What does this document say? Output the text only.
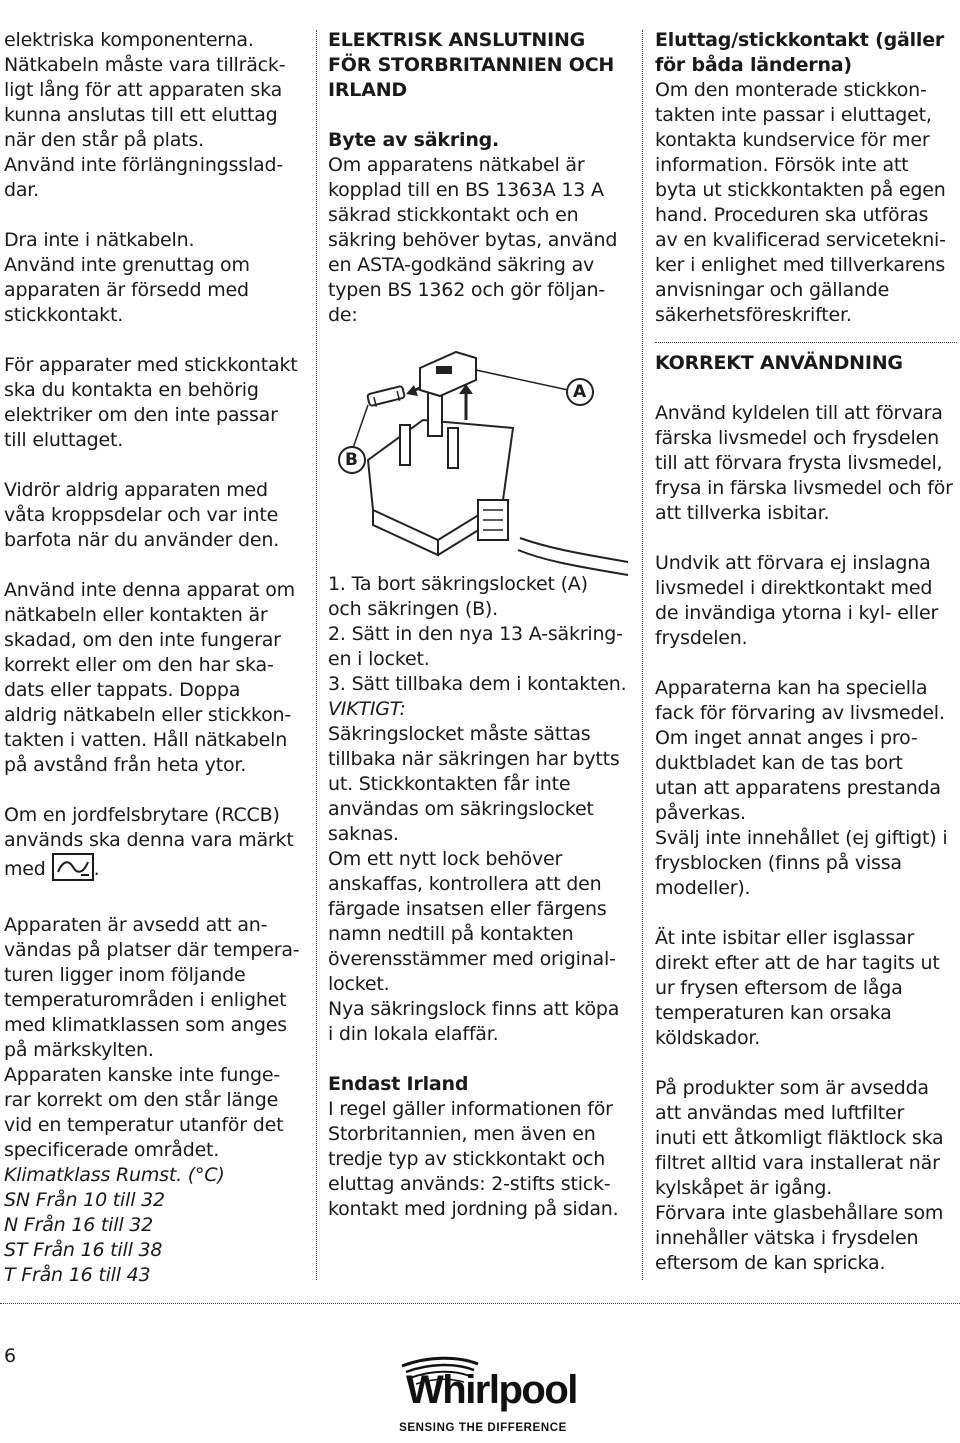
elektriska komponenterna.
Nätkabeln måste vara tillräck-
ligt lång för att apparaten ska
kunna anslutas till ett eluttag
när den står på plats.
Använd inte förlängningsslad-
dar.

Dra inte i nätkabeln.
Använd inte grenuttag om
apparaten är försedd med
stickkontakt.

För apparater med stickkontakt
ska du kontakta en behörig
elektriker om den inte passar
till eluttaget.

Vidrör aldrig apparaten med
våta kroppsdelar och var inte
barfota när du använder den.

Använd inte denna apparat om
nätkabeln eller kontakten är
skadad, om den inte fungerar
korrekt eller om den har ska-
dats eller tappats. Doppa
aldrig nätkabeln eller stickkon-
takten i vatten. Håll nätkabeln
på avstånd från heta ytor.

Om en jordfelsbrytare (RCCB)
används ska denna vara märkt
med	.

Apparaten är avsedd att an-
vändas på platser där tempera-
turen ligger inom följande
temperaturområden i enlighet
med klimatklassen som anges
på märkskylten.
Apparaten kanske inte funge-
rar korrekt om den står länge
vid en temperatur utanför det
specificerade området.
Klimatklass Rumst. (°C)
SN Från 10 till 32
N Från 16 till 32
ST Från 16 till 38
T Från 16 till 43

ELEKTRISK ANSLUTNING
FÖR STORBRITANNIEN OCH
IRLAND

Byte av säkring.
Om apparatens nätkabel är
kopplad till en BS 1363A 13 A
säkrad stickkontakt och en
säkring behöver bytas, använd
en ASTA-godkänd säkring av
typen BS 1362 och gör följan-
de:

A
B

1. Ta bort säkringslocket (A)
och säkringen (B).
2. Sätt in den nya 13 A-säkring-
en i locket.
3. Sätt tillbaka dem i kontakten.
VIKTIGT:
Säkringslocket måste sättas
tillbaka när säkringen har bytts
ut. Stickkontakten får inte
användas om säkringslocket
saknas.
Om ett nytt lock behöver
anskaffas, kontrollera att den
färgade insatsen eller färgens
namn nedtill på kontakten
överensstämmer med original-
locket.
Nya säkringslock finns att köpa
i din lokala elaffär.

Endast Irland
I regel gäller informationen för
Storbritannien, men även en
tredje typ av stickkontakt och
eluttag används: 2-stifts stick-
kontakt med jordning på sidan.

Eluttag/stickkontakt (gäller
för båda länderna)
Om den monterade stickkon-
takten inte passar i eluttaget,
kontakta kundservice för mer
information. Försök inte att
byta ut stickkontakten på egen
hand. Proceduren ska utföras
av en kvalificerad servicetekni-
ker i enlighet med tillverkarens
anvisningar och gällande
säkerhetsföreskrifter.

KORREKT ANVÄNDNING

Använd kyldelen till att förvara
färska livsmedel och frysdelen
till att förvara frysta livsmedel,
frysa in färska livsmedel och för
att tillverka isbitar.

Undvik att förvara ej inslagna
livsmedel i direktkontakt med
de invändiga ytorna i kyl- eller
frysdelen.

Apparaterna kan ha speciella
fack för förvaring av livsmedel.
Om inget annat anges i pro-
duktbladet kan de tas bort
utan att apparatens prestanda
påverkas.
Svälj inte innehållet (ej giftigt) i
frysblocken (finns på vissa
modeller).

Ät inte isbitar eller isglassar
direkt efter att de har tagits ut
ur frysen eftersom de låga
temperaturen kan orsaka
köldskador.

På produkter som är avsedda
att användas med luftfilter
inuti ett åtkomligt fläktlock ska
filtret alltid vara installerat när
kylskåpet är igång.
Förvara inte glasbehållare som
innehåller vätska i frysdelen
eftersom de kan spricka.

6
Whirlpool
SENSING THE DIFFERENCE
